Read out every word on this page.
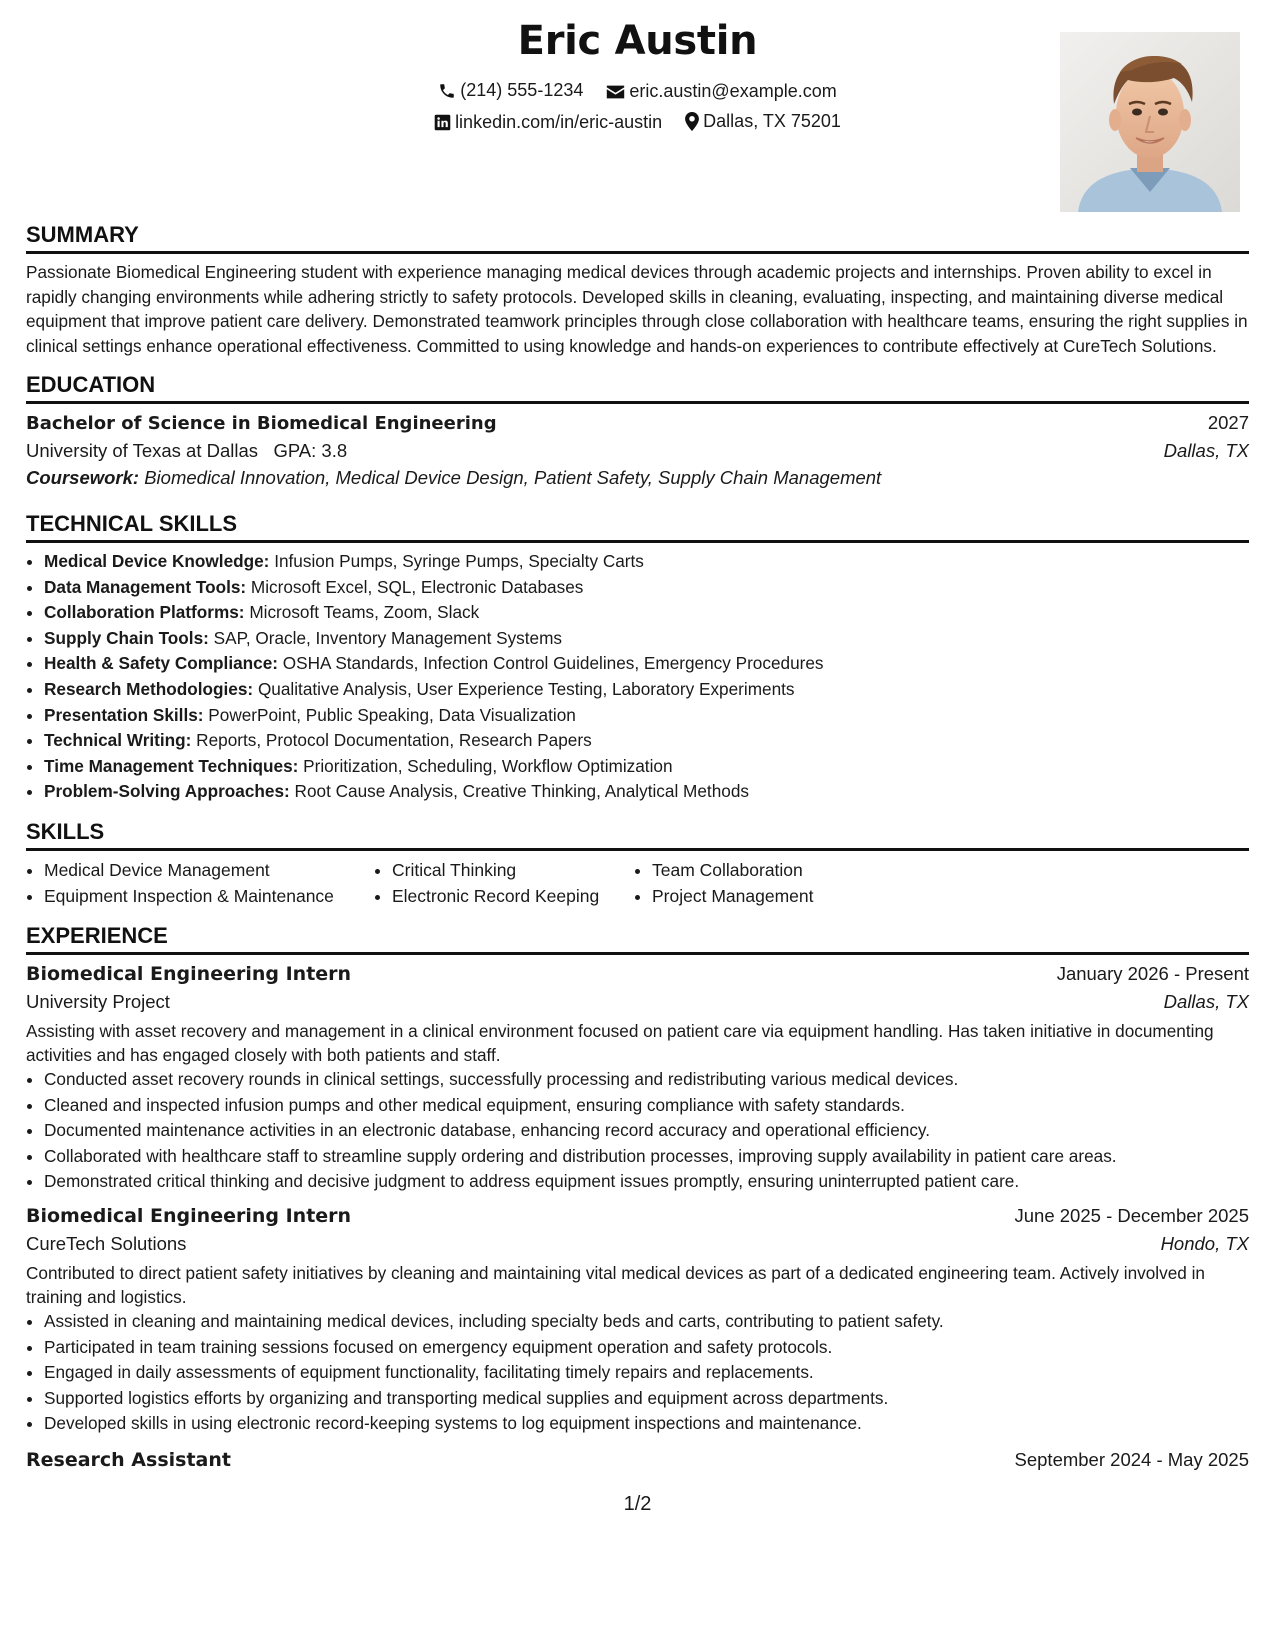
Eric Austin
(214) 555-1234
	eric.austin@example.com
linkedin.com/in/eric-austin
Dallas, TX 75201
SUMMARY

Passionate Biomedical Engineering student with experience managing medical devices through academic projects and internships. Proven ability to excel in rapidly changing environments while adhering strictly to safety protocols. Developed skills in cleaning, evaluating, inspecting, and maintaining diverse medical equipment that improve patient care delivery. Demonstrated teamwork principles through close collaboration with healthcare teams, ensuring the right supplies in clinical settings enhance operational effectiveness. Committed to using knowledge and hands-on experiences to contribute effectively at CureTech Solutions.

EDUCATION
Bachelor of Science in Biomedical Engineering	2027
University of Texas at Dallas GPA: 3.8	Dallas, TX
Coursework: Biomedical Innovation, Medical Device Design, Patient Safety, Supply Chain Management
TECHNICAL SKILLS
• Medical Device Knowledge: Infusion Pumps, Syringe Pumps, Specialty Carts
• Data Management Tools: Microsoft Excel, SQL, Electronic Databases
• Collaboration Platforms: Microsoft Teams, Zoom, Slack
• Supply Chain Tools: SAP, Oracle, Inventory Management Systems
• Health & Safety Compliance: OSHA Standards, Infection Control Guidelines, Emergency Procedures
• Research Methodologies: Qualitative Analysis, User Experience Testing, Laboratory Experiments
• Presentation Skills: PowerPoint, Public Speaking, Data Visualization
• Technical Writing: Reports, Protocol Documentation, Research Papers
• Time Management Techniques: Prioritization, Scheduling, Workflow Optimization
• Problem-Solving Approaches: Root Cause Analysis, Creative Thinking, Analytical Methods
SKILLS
• Medical Device Management
• Equipment Inspection & Maintenance
• Critical Thinking
• Electronic Record Keeping
• Team Collaboration
• Project Management
EXPERIENCE
Biomedical Engineering Intern	January 2026 - Present
University Project	Dallas, TX

Assisting with asset recovery and management in a clinical environment focused on patient care via equipment handling. Has taken initiative in documenting activities and has engaged closely with both patients and staff.

• Conducted asset recovery rounds in clinical settings, successfully processing and redistributing various medical devices.
• Cleaned and inspected infusion pumps and other medical equipment, ensuring compliance with safety standards.
• Documented maintenance activities in an electronic database, enhancing record accuracy and operational efficiency.
• Collaborated with healthcare staff to streamline supply ordering and distribution processes, improving supply availability in patient care areas.
• Demonstrated critical thinking and decisive judgment to address equipment issues promptly, ensuring uninterrupted patient care.
Biomedical Engineering Intern	June 2025 - December 2025
CureTech Solutions	Hondo, TX

Contributed to direct patient safety initiatives by cleaning and maintaining vital medical devices as part of a dedicated engineering team. Actively involved in training and logistics.

• Assisted in cleaning and maintaining medical devices, including specialty beds and carts, contributing to patient safety.
• Participated in team training sessions focused on emergency equipment operation and safety protocols.
• Engaged in daily assessments of equipment functionality, facilitating timely repairs and replacements.
• Supported logistics efforts by organizing and transporting medical supplies and equipment across departments.
• Developed skills in using electronic record-keeping systems to log equipment inspections and maintenance.
Research Assistant	September 2024 - May 2025
1/2
